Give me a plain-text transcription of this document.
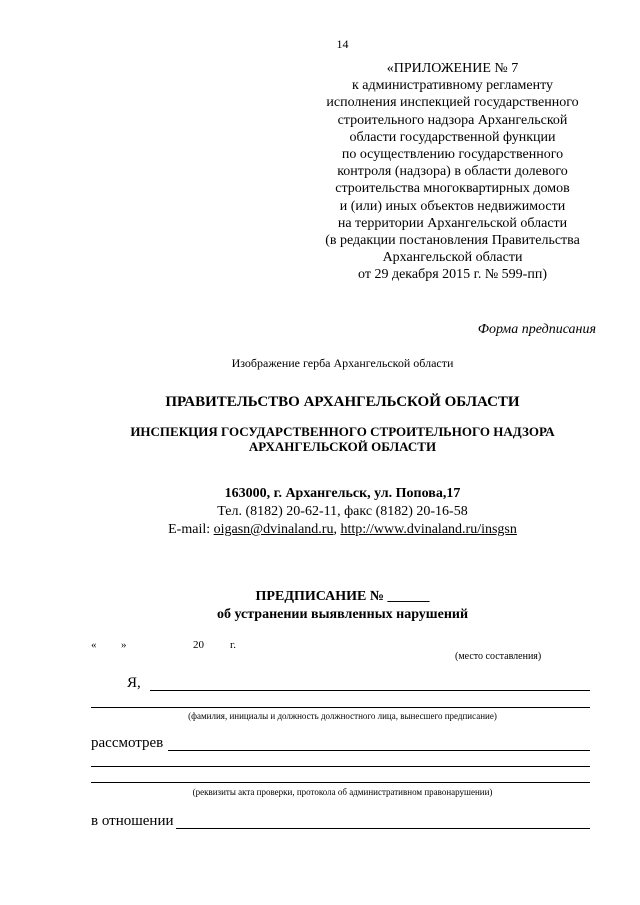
14
«ПРИЛОЖЕНИЕ № 7
к административному регламенту
исполнения инспекцией государственного
строительного надзора Архангельской
области государственной функции
по осуществлению государственного
контроля (надзора) в области долевого
строительства многоквартирных домов
и (или) иных объектов недвижимости
на территории Архангельской области
(в редакции постановления Правительства
Архангельской области
от 29 декабря 2015 г. № 599-пп)
Форма предписания
Изображение герба Архангельской области
ПРАВИТЕЛЬСТВО АРХАНГЕЛЬСКОЙ ОБЛАСТИ
ИНСПЕКЦИЯ ГОСУДАРСТВЕННОГО СТРОИТЕЛЬНОГО НАДЗОРА
АРХАНГЕЛЬСКОЙ ОБЛАСТИ
163000, г. Архангельск, ул. Попова,17
Тел. (8182) 20-62-11, факс (8182) 20-16-58
E-mail: oigasn@dvinaland.ru, http://www.dvinaland.ru/insgsn
ПРЕДПИСАНИЕ № ______
об устранении выявленных нарушений
« »	20 г.
(место составления)
Я,
(фамилия, инициалы и должность должностного лица, вынесшего предписание)
рассмотрев
(реквизиты акта проверки, протокола об административном правонарушении)
в отношении
